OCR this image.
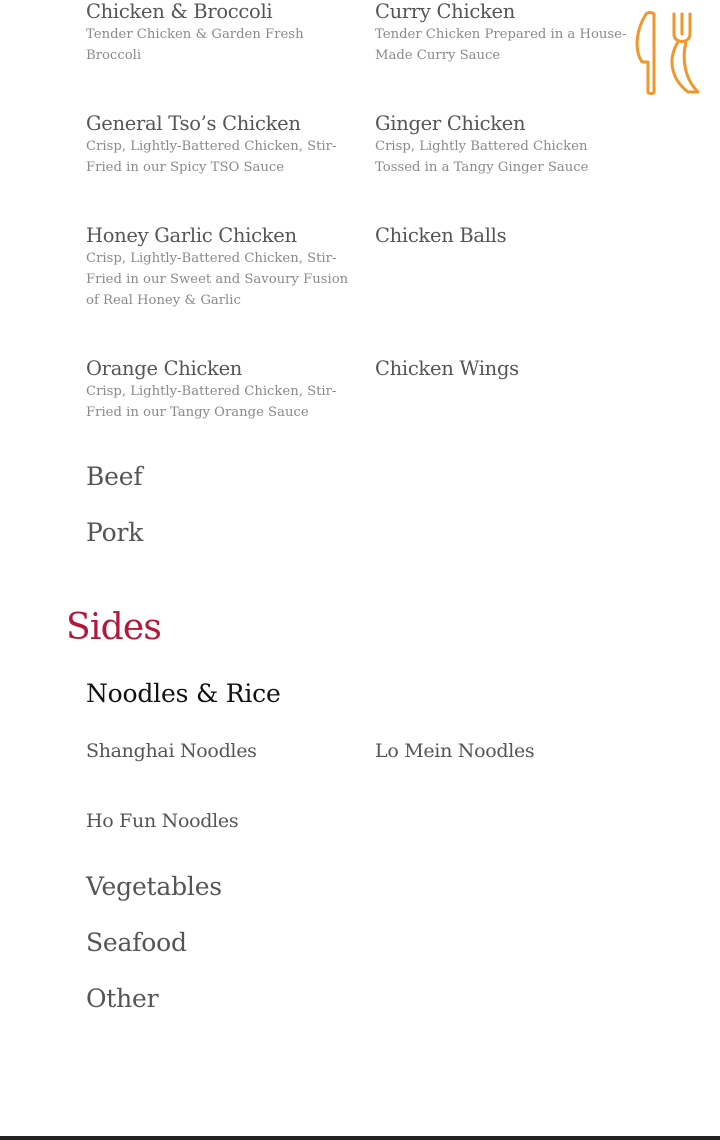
Chicken & Broccoli
Tender Chicken & Garden Fresh Broccoli
Curry Chicken
Tender Chicken Prepared in a House-Made Curry Sauce
General Tso’s Chicken
Crisp, Lightly-Battered Chicken, Stir-Fried in our Spicy TSO Sauce
Ginger Chicken
Crisp, Lightly Battered Chicken Tossed in a Tangy Ginger Sauce
Honey Garlic Chicken
Crisp, Lightly-Battered Chicken, Stir-Fried in our Sweet and Savoury Fusion of Real Honey & Garlic
Chicken Balls
Orange Chicken
Crisp, Lightly-Battered Chicken, Stir-Fried in our Tangy Orange Sauce
Chicken Wings
Beef
Pork
Sides
Noodles & Rice
Shanghai Noodles	Lo Mein Noodles
Ho Fun Noodles
Vegetables
Seafood
Other
